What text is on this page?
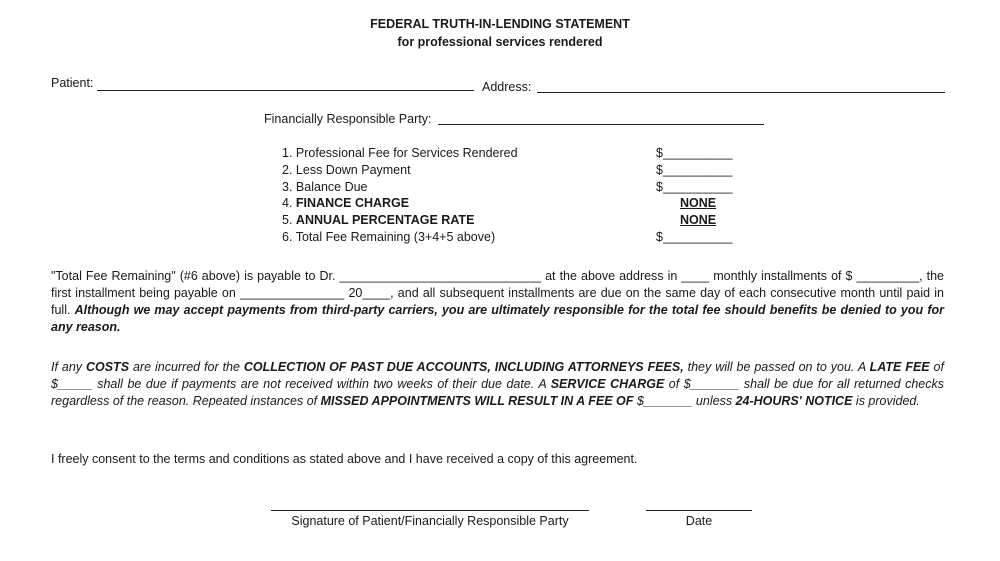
FEDERAL TRUTH-IN-LENDING STATEMENT
for professional services rendered
Patient:	Address:
Financially Responsible Party:
1. Professional Fee for Services Rendered	$__________
2. Less Down Payment	$__________
3. Balance Due	$__________
4. FINANCE CHARGE	NONE
5. ANNUAL PERCENTAGE RATE	NONE
6. Total Fee Remaining (3+4+5 above)	$__________
"Total Fee Remaining" (#6 above) is payable to Dr. _____________________________ at the above address in ____ monthly installments of $ _________, the first installment being payable on _______________ 20____, and all subsequent installments are due on the same day of each consecutive month until paid in full. Although we may accept payments from third-party carriers, you are ultimately responsible for the total fee should benefits be denied to you for any reason.
If any COSTS are incurred for the COLLECTION OF PAST DUE ACCOUNTS, INCLUDING ATTORNEYS FEES, they will be passed on to you. A LATE FEE of $_____ shall be due if payments are not received within two weeks of their due date. A SERVICE CHARGE of $_______ shall be due for all returned checks regardless of the reason. Repeated instances of MISSED APPOINTMENTS WILL RESULT IN A FEE OF $_______ unless 24-HOURS' NOTICE is provided.
I freely consent to the terms and conditions as stated above and I have received a copy of this agreement.
Signature of Patient/Financially Responsible Party	Date
